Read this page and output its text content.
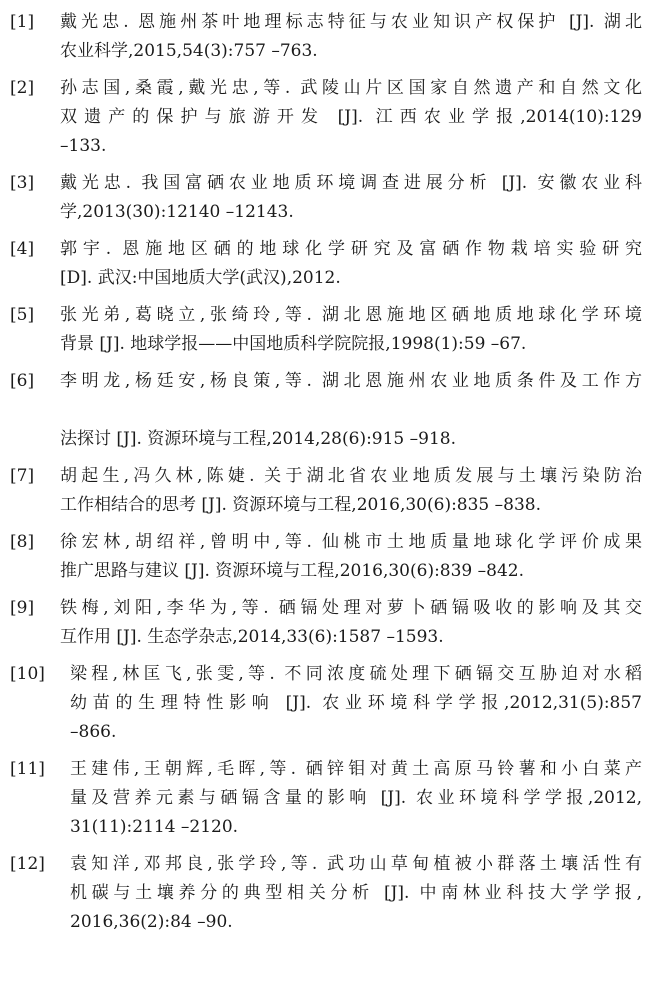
[1] 戴光忠. 恩施州茶叶地理标志特征与农业知识产权保护 [J]. 湖北
农业科学,2015,54(3):757 –763.
[2] 孙志国,桑霞,戴光忠,等. 武陵山片区国家自然遗产和自然文化
双遗产的保护与旅游开发 [J]. 江西农业学报,2014(10):129
–133.
[3] 戴光忠. 我国富硒农业地质环境调查进展分析 [J]. 安徽农业科
学,2013(30):12140 –12143.
[4] 郭宇. 恩施地区硒的地球化学研究及富硒作物栽培实验研究
[D]. 武汉:中国地质大学(武汉),2012.
[5] 张光弟,葛晓立,张绮玲,等. 湖北恩施地区硒地质地球化学环境
背景 [J]. 地球学报——中国地质科学院院报,1998(1):59 –67.
[6] 李明龙,杨廷安,杨良策,等. 湖北恩施州农业地质条件及工作方
法探讨 [J]. 资源环境与工程,2014,28(6):915 –918.
[7] 胡起生,冯久林,陈婕. 关于湖北省农业地质发展与土壤污染防治
工作相结合的思考 [J]. 资源环境与工程,2016,30(6):835 –838.
[8] 徐宏林,胡绍祥,曾明中,等. 仙桃市土地质量地球化学评价成果
推广思路与建议 [J]. 资源环境与工程,2016,30(6):839 –842.
[9] 铁梅,刘阳,李华为,等. 硒镉处理对萝卜硒镉吸收的影响及其交
互作用 [J]. 生态学杂志,2014,33(6):1587 –1593.
[10] 梁程,林匡飞,张雯,等. 不同浓度硫处理下硒镉交互胁迫对水稻
幼苗的生理特性影响 [J]. 农业环境科学学报,2012,31(5):857
–866.
[11] 王建伟,王朝辉,毛晖,等. 硒锌钼对黄土高原马铃薯和小白菜产
量及营养元素与硒镉含量的影响 [J]. 农业环境科学学报,2012,
31(11):2114 –2120.
[12] 袁知洋,邓邦良,张学玲,等. 武功山草甸植被小群落土壤活性有
机碳与土壤养分的典型相关分析 [J]. 中南林业科技大学学报,
2016,36(2):84 –90.
